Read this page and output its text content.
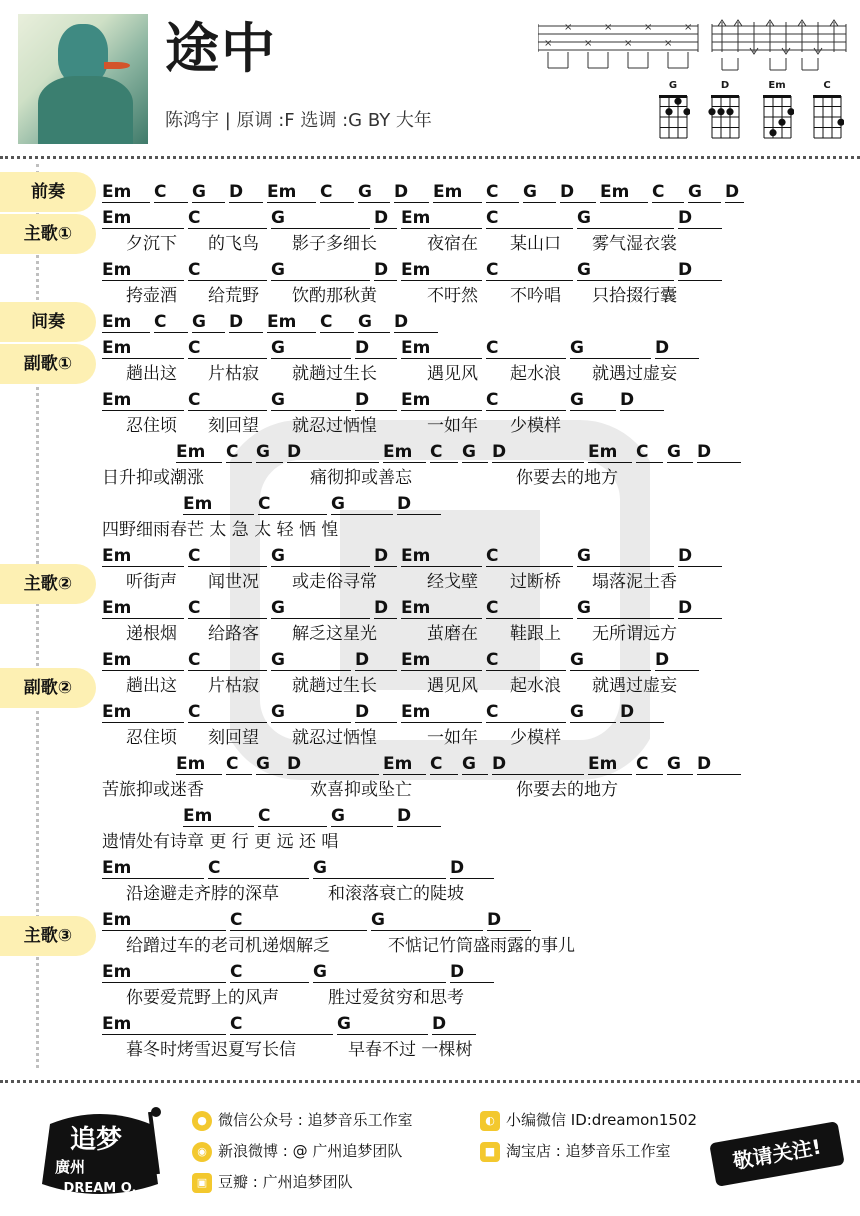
途中
陈鸿宇 | 原调 :F 选调 :G BY 大年
×
×
×
×
×
×
×
×
G	D	Em	C
前奏
主歌①
间奏
副歌①
主歌②
副歌②
主歌③
Em C G D Em C G D Em C G D Em C G D
Em	C	G	D Em	C	G	D
夕沉下 的飞鸟 影子多细长	夜宿在 某山口 雾气湿衣裳
Em	C	G	D Em	C	G	D
挎壶酒 给荒野 饮酌那秋黄	不吁然 不吟唱 只拾掇行囊
Em C G D Em C G D
Em	C	G	D Em	C	G	D
趟出这 片枯寂 就趟过生长	遇见风 起水浪 就遇过虚妄
Em	C	G	D Em	C	G D
忍住顷 刻回望 就忍过恓惶	一如年 少模样
Em C G D	Em C G D	Em C G D
日升抑或潮涨	痛彻抑或善忘	你要去的地方
Em	C	G	D
四野细雨春芒 太 急 太 轻 恓 惶
Em	C	G	D Em	C	G	D
听街声 闻世况 或走俗寻常	经戈壁 过断桥 塌落泥土香
Em	C	G	D Em	C	G	D
递根烟 给路客 解乏这星光	茧磨在 鞋跟上 无所谓远方
Em	C	G	D Em	C	G	D
趟出这 片枯寂 就趟过生长	遇见风 起水浪 就遇过虚妄
Em	C	G	D Em	C	G D
忍住顷 刻回望 就忍过恓惶	一如年 少模样
Em C G D	Em C G D	Em C G D
苦旅抑或迷香	欢喜抑或坠亡	你要去的地方
Em	C	G	D
遗情处有诗章 更 行 更 远 还 唱
Em	C	G	D
沿途避走齐脖的深草	和滚落衰亡的陡坡
Em	C	G	D
给蹭过车的老司机递烟解乏	不惦记竹筒盛雨露的事儿
Em	C	G	D
你要爱荒野上的风声	胜过爱贫穷和思考
Em	C	G	D
暮冬时烤雪迟夏写长信	早春不过 一棵树
追梦
廣州
DREAM O.
● 微信公众号 : 追梦音乐工作室	◐ 小编微信 ID:dreamon1502
◉ 新浪微博 : @ 广州追梦团队	■ 淘宝店 : 追梦音乐工作室
▣ 豆瓣 : 广州追梦团队
敬请关注!
